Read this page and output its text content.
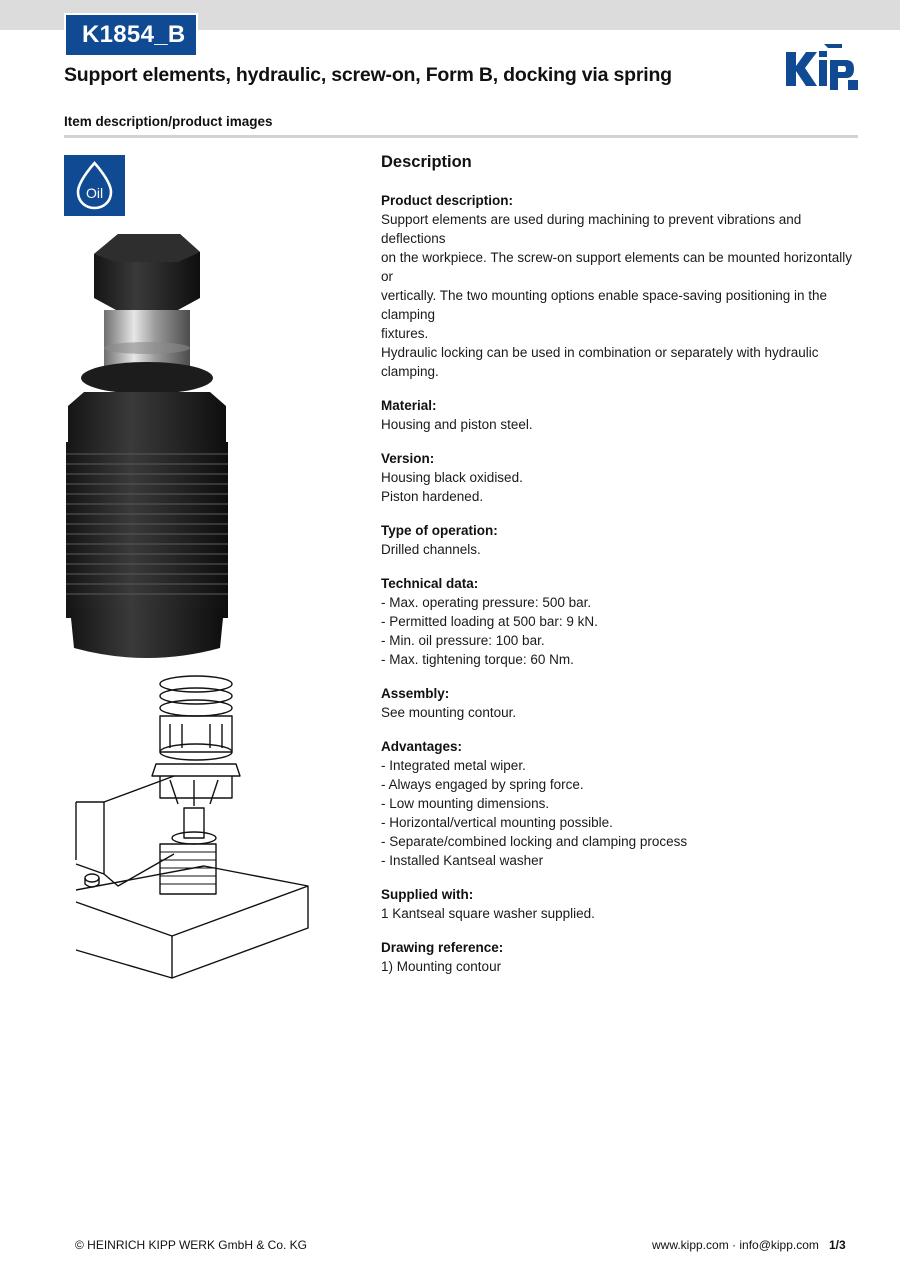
K1854_B
Support elements, hydraulic, screw-on, Form B, docking via spring
Item description/product images
Oil
Description
Product description:
Support elements are used during machining to prevent vibrations and deflections
on the workpiece. The screw-on support elements can be mounted horizontally or
vertically. The two mounting options enable space-saving positioning in the clamping
fixtures.
Hydraulic locking can be used in combination or separately with hydraulic clamping.
Material:
Housing and piston steel.
Version:
Housing black oxidised.
Piston hardened.
Type of operation:
Drilled channels.
Technical data:
- Max. operating pressure: 500 bar.
- Permitted loading at 500 bar: 9 kN.
- Min. oil pressure: 100 bar.
- Max. tightening torque: 60 Nm.
Assembly:
See mounting contour.
Advantages:
- Integrated metal wiper.
- Always engaged by spring force.
- Low mounting dimensions.
- Horizontal/vertical mounting possible.
- Separate/combined locking and clamping process
- Installed Kantseal washer
Supplied with:
1 Kantseal square washer supplied.
Drawing reference:
1) Mounting contour
© HEINRICH KIPP WERK GmbH & Co. KG	www.kipp.com · info@kipp.com 1/3
